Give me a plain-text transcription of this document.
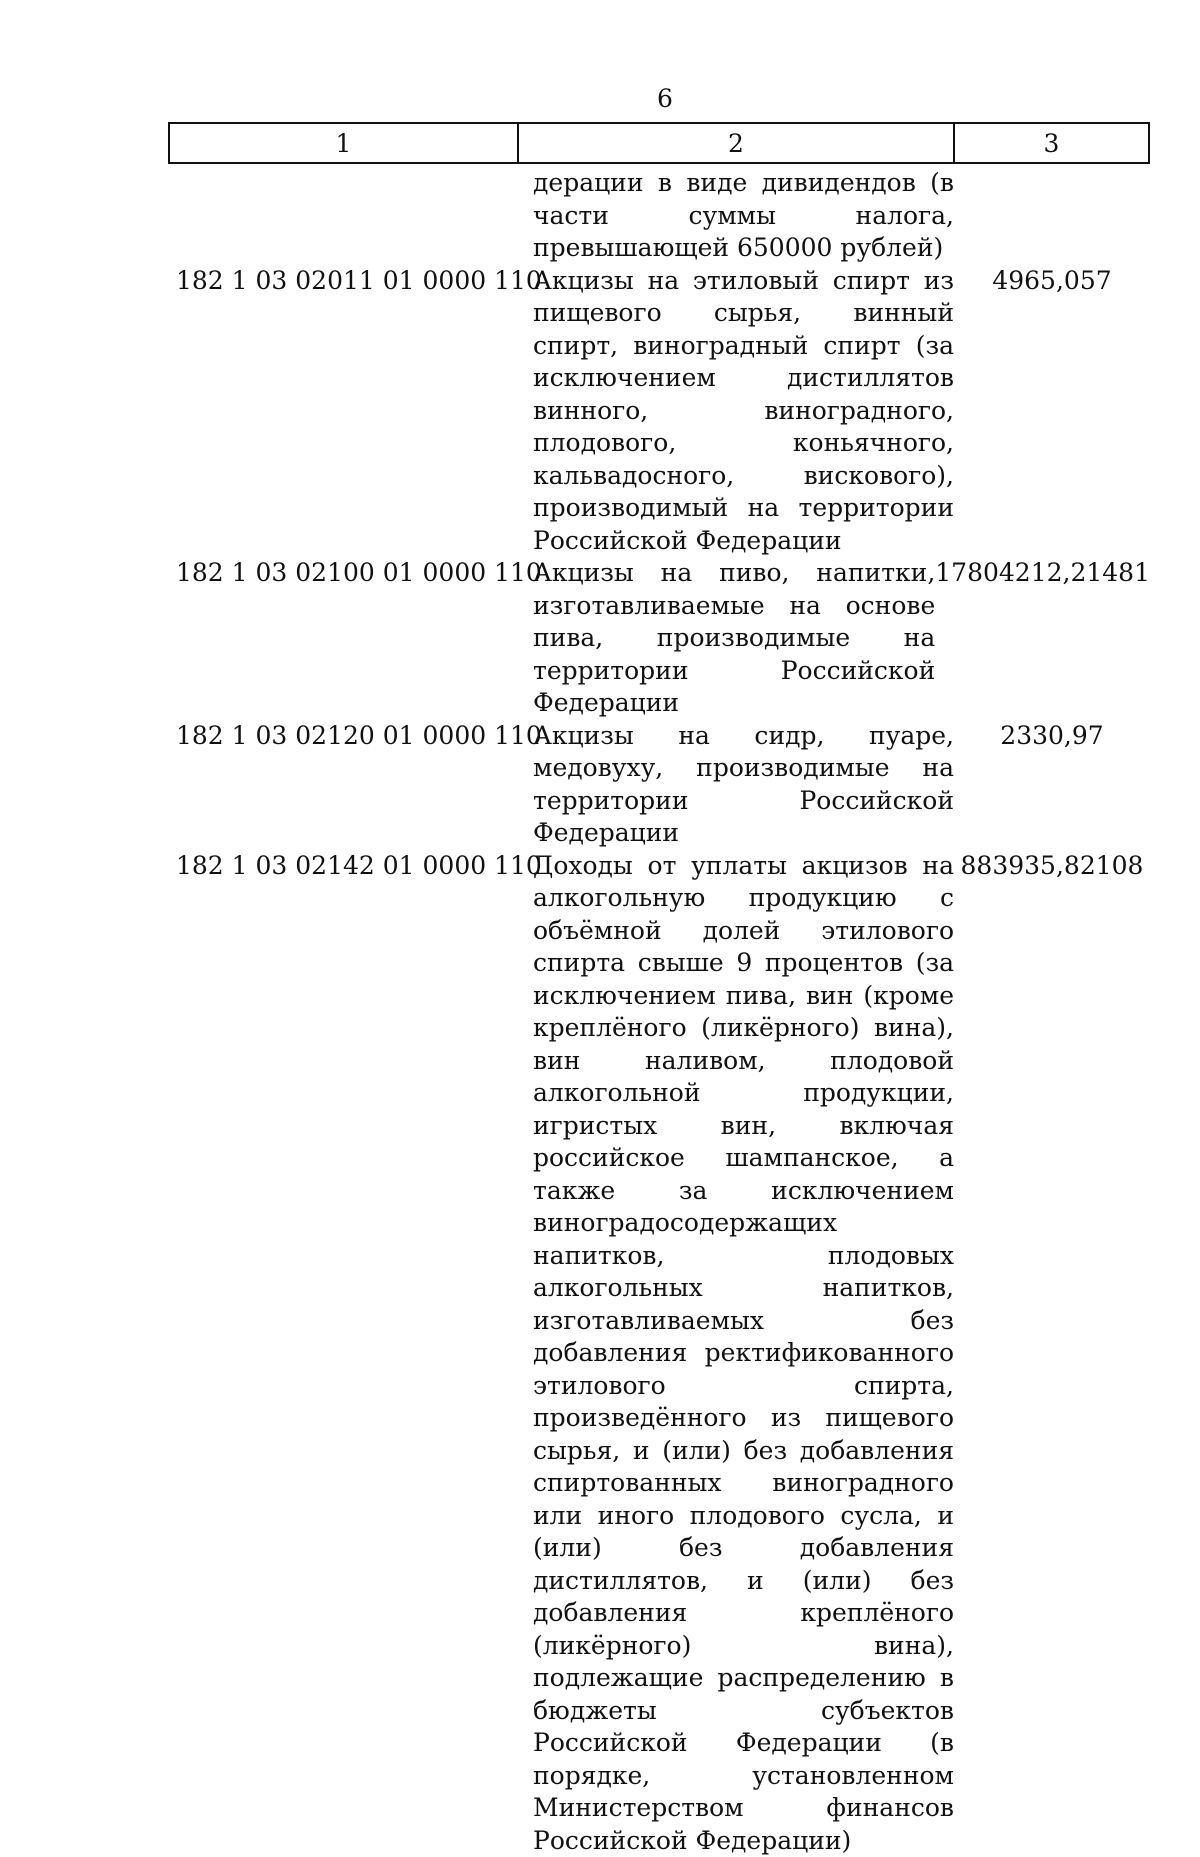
6
1	2	3
дерации в виде дивидендов (в части суммы налога, превышающей 650000 рублей)
182 1 03 02011 01 0000 110
Акцизы на этиловый спирт из пищевого сырья, винный спирт, виноградный спирт (за исключением дистиллятов винного, виноградного, плодового, коньячного, кальвадосного, вискового), производимый на территории Российской Федерации
4965,057
182 1 03 02100 01 0000 110
Акцизы на пиво, напитки, изготавливаемые на основе пива, производимые на территории Российской Федерации
17804212,21481
182 1 03 02120 01 0000 110
Акцизы на сидр, пуаре, медовуху, производимые на территории Российской Федерации
2330,97
182 1 03 02142 01 0000 110
Доходы от уплаты акцизов на алкогольную продукцию с объёмной долей этилового спирта свыше 9 процентов (за исключением пива, вин (кроме креплёного (ликёрного) вина), вин наливом, плодовой алкогольной продукции, игристых вин, включая российское шампанское, а также за исключением виноградосодержащих напитков, плодовых алкогольных напитков, изготавливаемых без добавления ректификованного этилового спирта, произведённого из пищевого сырья, и (или) без добавления спиртованных виноградного или иного плодового сусла, и (или) без добавления дистиллятов, и (или) без добавления креплёного (ликёрного) вина), подлежащие распределению в бюджеты субъектов Российской Федерации (в порядке, установленном Министерством финансов Российской Федерации)
883935,82108
